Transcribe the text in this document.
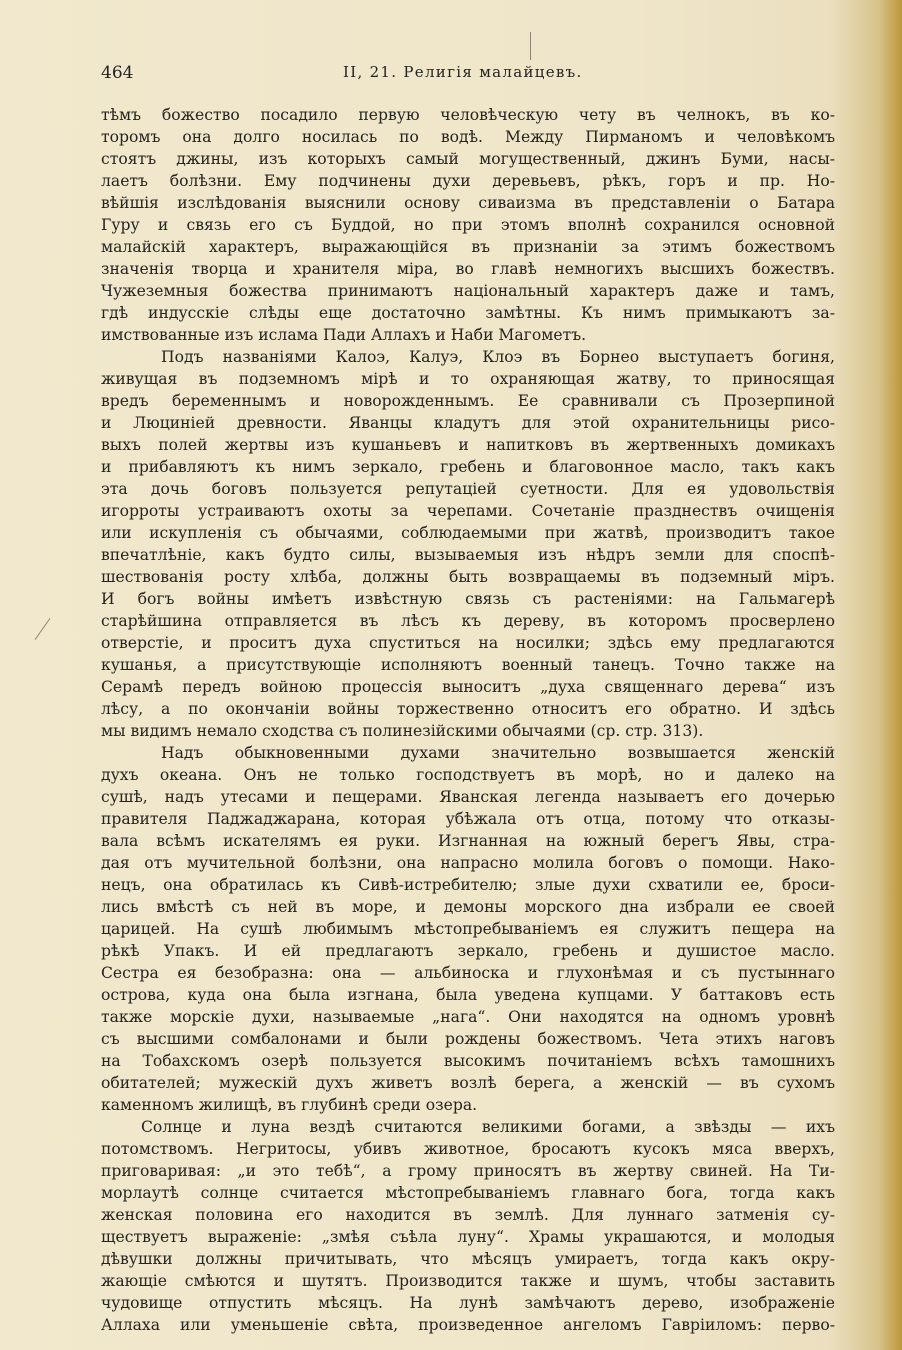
464	II, 21. Религія малайцевъ.
тѣмъ божество посадило первую человѣческую чету въ челнокъ, въ ко-
торомъ она долго носилась по водѣ. Между Пирманомъ и человѣкомъ
стоятъ джины, изъ которыхъ самый могущественный, джинъ Буми, насы-
лаетъ болѣзни. Ему подчинены духи деревьевъ, рѣкъ, горъ и пр. Но-
вѣйшія изслѣдованія выяснили основу сиваизма въ представленіи о Батара
Гуру и связь его съ Буддой, но при этомъ вполнѣ сохранился основной
малайскій характеръ, выражающійся въ признаніи за этимъ божествомъ
значенія творца и хранителя міра, во главѣ немногихъ высшихъ божествъ.
Чужеземныя божества принимаютъ національный характеръ даже и тамъ,
гдѣ индусскіе слѣды еще достаточно замѣтны. Къ нимъ примыкаютъ за-
имствованные изъ ислама Пади Аллахъ и Наби Магометъ.
Подъ названіями Калоэ, Калуэ, Клоэ въ Борнео выступаетъ богиня,
живущая въ подземномъ мірѣ и то охраняющая жатву, то приносящая
вредъ беременнымъ и новорожденнымъ. Ее сравнивали съ Прозерпиной
и Люциніей древности. Яванцы кладутъ для этой охранительницы рисо-
выхъ полей жертвы изъ кушаньевъ и напитковъ въ жертвенныхъ домикахъ
и прибавляютъ къ нимъ зеркало, гребень и благовонное масло, такъ какъ
эта дочь боговъ пользуется репутаціей суетности. Для ея удовольствія
игорроты устраиваютъ охоты за черепами. Сочетаніе празднествъ очищенія
или искупленія съ обычаями, соблюдаемыми при жатвѣ, производитъ такое
впечатлѣніе, какъ будто силы, вызываемыя изъ нѣдръ земли для споспѣ-
шествованія росту хлѣба, должны быть возвращаемы въ подземный міръ.
И богъ войны имѣетъ извѣстную связь съ растеніями: на Гальмагерѣ
старѣйшина отправляется въ лѣсъ къ дереву, въ которомъ просверлено
отверстіе, и проситъ духа спуститься на носилки; здѣсь ему предлагаются
кушанья, а присутствующіе исполняютъ военный танецъ. Точно также на
Серамѣ передъ войною процессія выноситъ „духа священнаго дерева“ изъ
лѣсу, а по окончаніи войны торжественно относитъ его обратно. И здѣсь
мы видимъ немало сходства съ полинезійскими обычаями (ср. стр. 313).
Надъ обыкновенными духами значительно возвышается женскій
духъ океана. Онъ не только господствуетъ въ морѣ, но и далеко на
сушѣ, надъ утесами и пещерами. Яванская легенда называетъ его дочерью
правителя Паджаджарана, которая убѣжала отъ отца, потому что отказы-
вала всѣмъ искателямъ ея руки. Изгнанная на южный берегъ Явы, стра-
дая отъ мучительной болѣзни, она напрасно молила боговъ о помощи. Нако-
нецъ, она обратилась къ Сивѣ-истребителю; злые духи схватили ее, броси-
лись вмѣстѣ съ ней въ море, и демоны морского дна избрали ее своей
царицей. На сушѣ любимымъ мѣстопребываніемъ ея служитъ пещера на
рѣкѣ Упакъ. И ей предлагаютъ зеркало, гребень и душистое масло.
Сестра ея безобразна: она — альбиноска и глухонѣмая и съ пустыннаго
острова, куда она была изгнана, была уведена купцами. У баттаковъ есть
также морскіе духи, называемые „нага“. Они находятся на одномъ уровнѣ
съ высшими сомбалонами и были рождены божествомъ. Чета этихъ наговъ
на Тобахскомъ озерѣ пользуется высокимъ почитаніемъ всѣхъ тамошнихъ
обитателей; мужескій духъ живетъ возлѣ берега, а женскій — въ сухомъ
каменномъ жилищѣ, въ глубинѣ среди озера.
Солнце и луна вездѣ считаются великими богами, а звѣзды — ихъ
потомствомъ. Негритосы, убивъ животное, бросаютъ кусокъ мяса вверхъ,
приговаривая: „и это тебѣ“, а грому приносятъ въ жертву свиней. На Ти-
морлаутѣ солнце считается мѣстопребываніемъ главнаго бога, тогда какъ
женская половина его находится въ землѣ. Для луннаго затменія су-
ществуетъ выраженіе: „змѣя съѣла луну“. Храмы украшаются, и молодыя
дѣвушки должны причитывать, что мѣсяцъ умираетъ, тогда какъ окру-
жающіе смѣются и шутятъ. Производится также и шумъ, чтобы заставить
чудовище отпустить мѣсяцъ. На лунѣ замѣчаютъ дерево, изображеніе
Аллаха или уменьшеніе свѣта, произведенное ангеломъ Гавріиломъ: перво-
